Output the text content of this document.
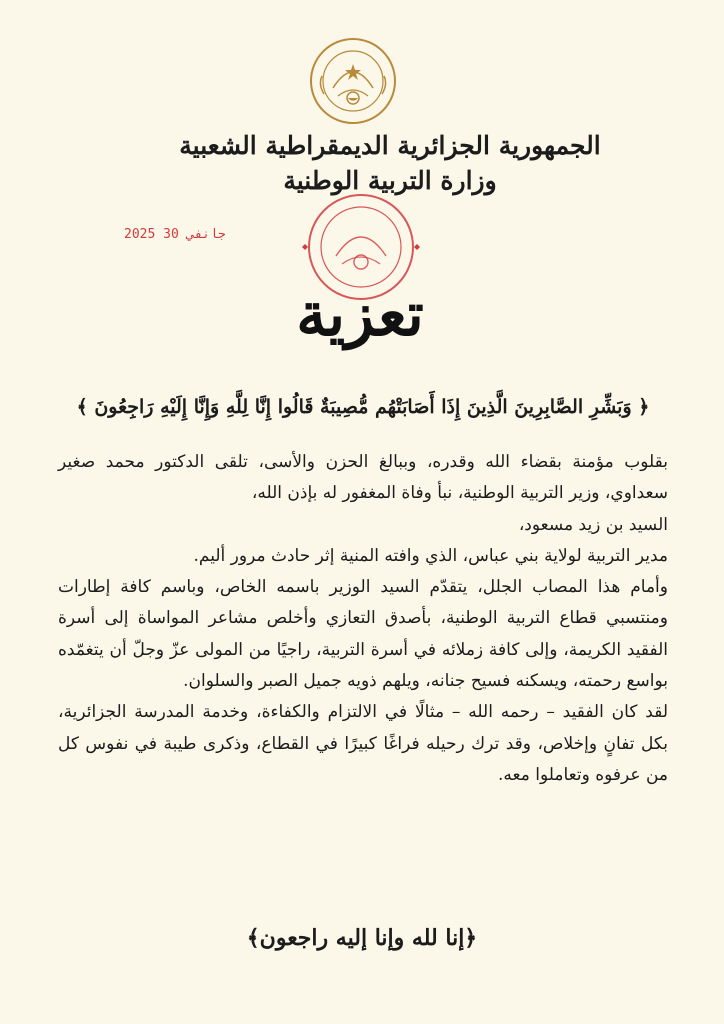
الجمهورية الجزائرية الديمقراطية الشعبية
وزارة التربية الوطنية
2025 جانفي 30
تعزية
﴿ وَبَشِّرِ الصَّابِرِينَ الَّذِينَ إِذَا أَصَابَتْهُم مُّصِيبَةٌ قَالُوا إِنَّا لِلَّهِ وَإِنَّا إِلَيْهِ رَاجِعُونَ ﴾

بقلوب مؤمنة بقضاء الله وقدره، وببالغ الحزن والأسى، تلقى الدكتور محمد صغير سعداوي، وزير التربية الوطنية، نبأ وفاة المغفور له بإذن الله،

السيد بن زيد مسعود،

مدير التربية لولاية بني عباس، الذي وافته المنية إثر حادث مرور أليم.

وأمام هذا المصاب الجلل، يتقدّم السيد الوزير باسمه الخاص، وباسم كافة إطارات ومنتسبي قطاع التربية الوطنية، بأصدق التعازي وأخلص مشاعر المواساة إلى أسرة الفقيد الكريمة، وإلى كافة زملائه في أسرة التربية، راجيًا من المولى عزّ وجلّ أن يتغمّده بواسع رحمته، ويسكنه فسيح جنانه، ويلهم ذويه جميل الصبر والسلوان.

لقد كان الفقيد – رحمه الله – مثالًا في الالتزام والكفاءة، وخدمة المدرسة الجزائرية، بكل تفانٍ وإخلاص، وقد ترك رحيله فراغًا كبيرًا في القطاع، وذكرى طيبة في نفوس كل من عرفوه وتعاملوا معه.

﴿إنا لله وإنا إليه راجعون﴾
